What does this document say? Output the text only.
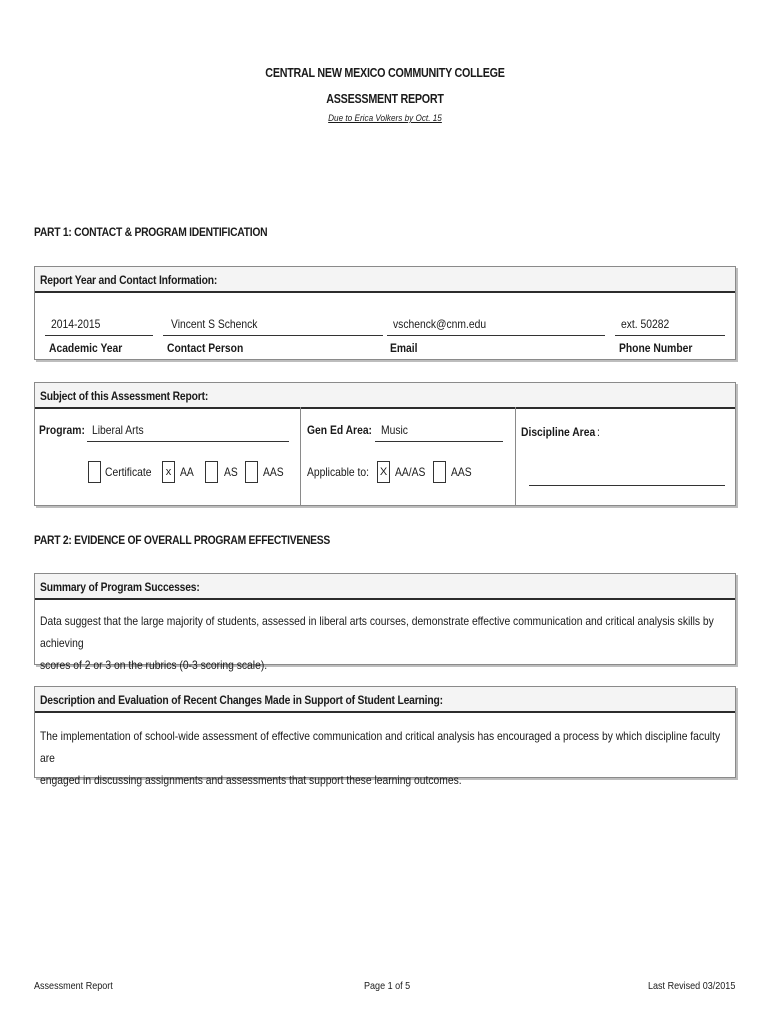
CENTRAL NEW MEXICO COMMUNITY COLLEGE
ASSESSMENT REPORT
Due to Erica Volkers by Oct. 15
PART 1: CONTACT & PROGRAM IDENTIFICATION
Report Year and Contact Information:
2014-2015
Academic Year
Vincent S Schenck
Contact Person
vschenck@cnm.edu
Email
ext. 50282
Phone Number
Subject of this Assessment Report:
Program: Liberal Arts
Certificate	x AA	AS AAS
Gen Ed Area: Music
Applicable to: X AA/AS AAS
Discipline Area :
PART 2: EVIDENCE OF OVERALL PROGRAM EFFECTIVENESS
Summary of Program Successes:
Data suggest that the large majority of students, assessed in liberal arts courses, demonstrate effective communication and critical analysis skills by achieving
scores of 2 or 3 on the rubrics (0-3 scoring scale).
Description and Evaluation of Recent Changes Made in Support of Student Learning:
The implementation of school-wide assessment of effective communication and critical analysis has encouraged a process by which discipline faculty are
engaged in discussing assignments and assessments that support these learning outcomes.
Assessment Report	Page 1 of 5	Last Revised 03/2015
